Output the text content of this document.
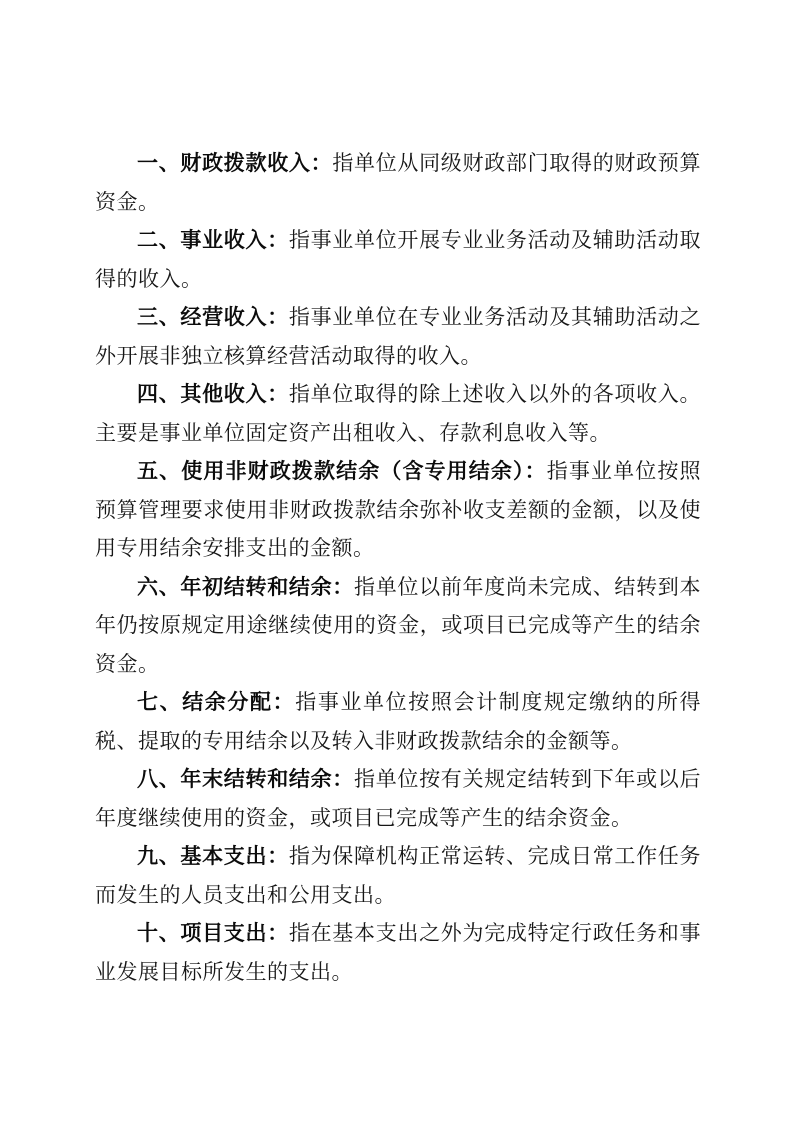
一、财政拨款收入：指单位从同级财政部门取得的财政预算资金。

二、事业收入：指事业单位开展专业业务活动及辅助活动取得的收入。

三、经营收入：指事业单位在专业业务活动及其辅助活动之外开展非独立核算经营活动取得的收入。

四、其他收入：指单位取得的除上述收入以外的各项收入。主要是事业单位固定资产出租收入、存款利息收入等。

五、使用非财政拨款结余（含专用结余）：指事业单位按照预算管理要求使用非财政拨款结余弥补收支差额的金额，以及使用专用结余安排支出的金额。

六、年初结转和结余：指单位以前年度尚未完成、结转到本年仍按原规定用途继续使用的资金，或项目已完成等产生的结余资金。

七、结余分配：指事业单位按照会计制度规定缴纳的所得税、提取的专用结余以及转入非财政拨款结余的金额等。

八、年末结转和结余：指单位按有关规定结转到下年或以后年度继续使用的资金，或项目已完成等产生的结余资金。

九、基本支出：指为保障机构正常运转、完成日常工作任务而发生的人员支出和公用支出。

十、项目支出：指在基本支出之外为完成特定行政任务和事业发展目标所发生的支出。
